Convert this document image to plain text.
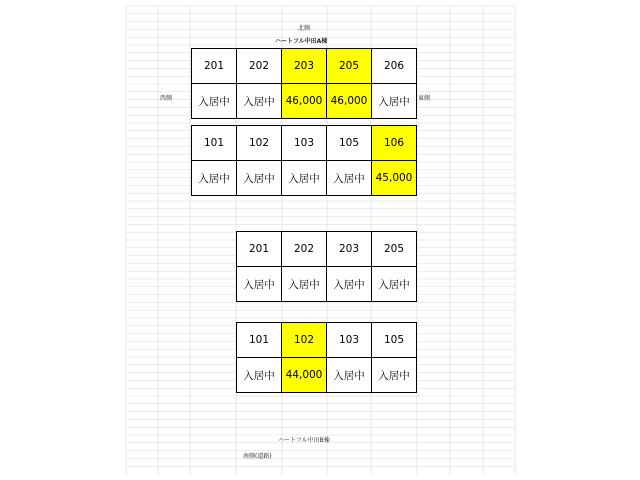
北側
ハートフル中田A棟
西側	東側
ハートフル中田B棟
南側(道路)
201	202	203	205	206
入居中	入居中	46,000	46,000	入居中
101	102	103	105	106
入居中	入居中	入居中	入居中	45,000
201	202	203	205
入居中	入居中	入居中	入居中
101	102	103	105
入居中	44,000	入居中	入居中
